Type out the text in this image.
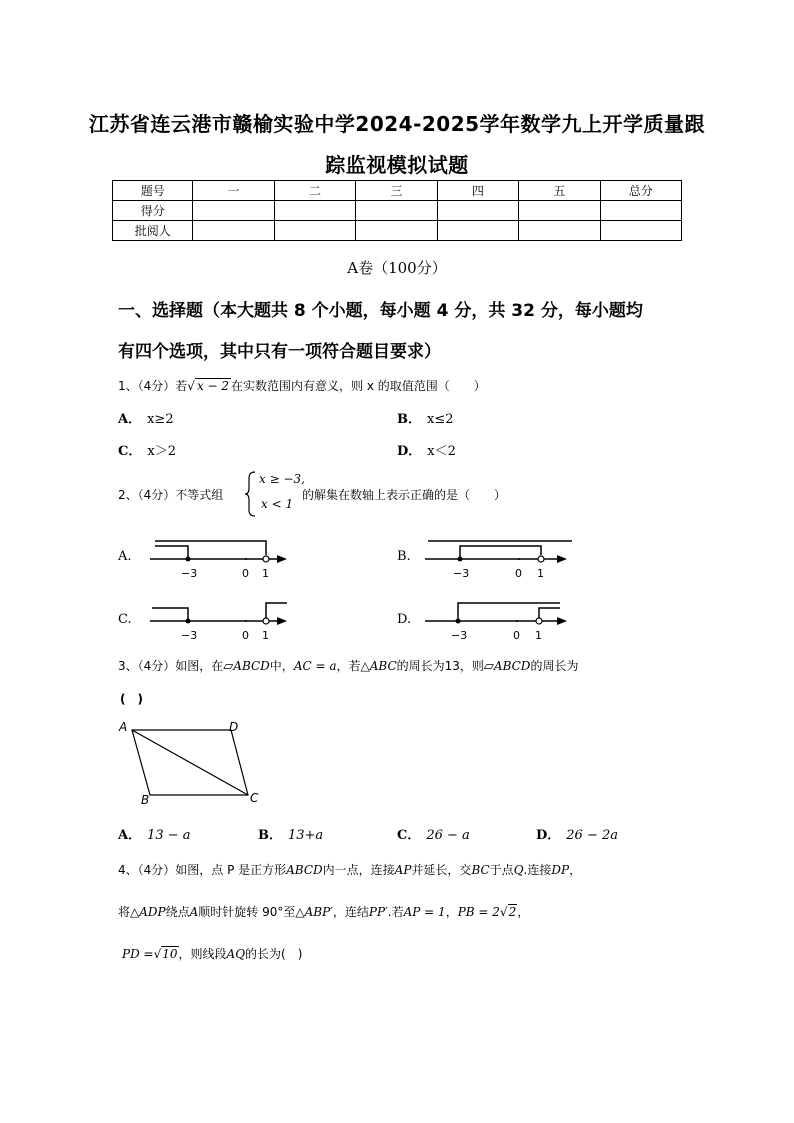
江苏省连云港市赣榆实验中学2024-2025学年数学九上开学质量跟
踪监视模拟试题
题号	一	二	三	四	五	总分
得分						
批阅人						
A卷（100分）
一、选择题（本大题共 8 个小题，每小题 4 分，共 32 分，每小题均
有四个选项，其中只有一项符合题目要求）
1、（4分）若√ x − 2 在实数范围内有意义，则 x 的取值范围（　　）
A． x≥2	B． x≤2
C． x＞2	D． x＜2
2、（4分）不等式组
x ≥ −3,
x < 1
的解集在数轴上表示正确的是（　　）
A.
−3	0 1
B.
−3	0 1
C.
−3	0 1
D.
−3	0 1
3、（4分）如图，在▱ABCD中，AC = a，若△ABC的周长为13，则▱ABCD的周长为
(　)
A	D
B	C
A． 13 − a	B． 13+a	C． 26 − a	D． 26 − 2a
4、（4分）如图，点 P 是正方形ABCD内一点，连接AP并延长，交BC于点Q.连接DP，
将△ADP绕点A顺时针旋转 90°至△ABP′，连结PP′.若AP = 1，PB = 2√2，
PD =√10，则线段AQ的长为(　)
